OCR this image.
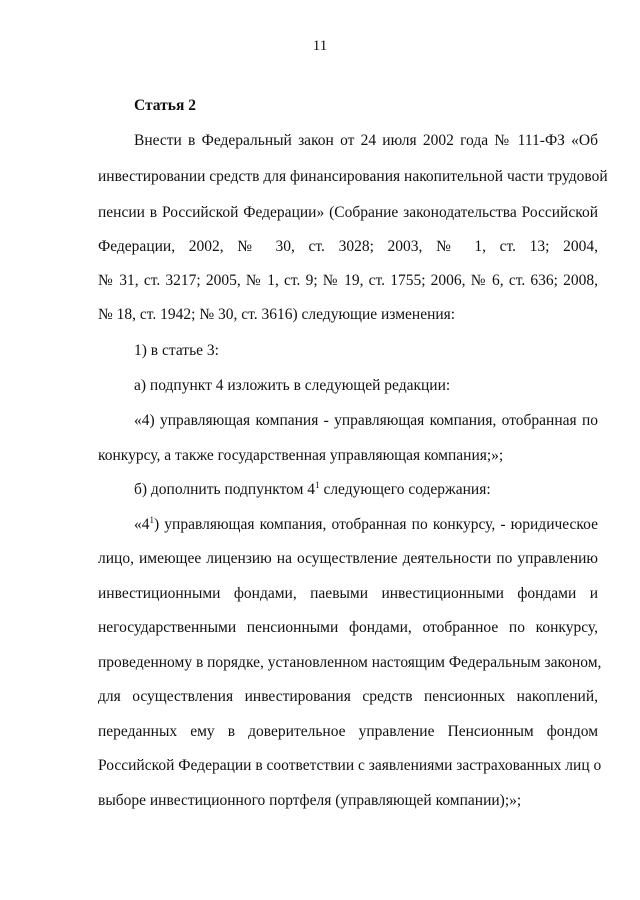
11
Статья 2
Внести в Федеральный закон от 24 июля 2002 года № 111-ФЗ «Об
инвестировании средств для финансирования накопительной части трудовой
пенсии в Российской Федерации» (Собрание законодательства Российской
Федерации, 2002, № 30, ст. 3028; 2003, № 1, ст. 13; 2004,
№ 31, ст. 3217; 2005, № 1, ст. 9; № 19, ст. 1755; 2006, № 6, ст. 636; 2008,
№ 18, ст. 1942; № 30, ст. 3616) следующие изменения:
1) в статье 3:
а) подпункт 4 изложить в следующей редакции:
«4) управляющая компания - управляющая компания, отобранная по
конкурсу, а также государственная управляющая компания;»;
б) дополнить подпунктом $4^1$ следующего содержания:
«$4^1$) управляющая компания, отобранная по конкурсу, - юридическое
лицо, имеющее лицензию на осуществление деятельности по управлению
инвестиционными фондами, паевыми инвестиционными фондами и
негосударственными пенсионными фондами, отобранное по конкурсу,
проведенному в порядке, установленном настоящим Федеральным законом,
для осуществления инвестирования средств пенсионных накоплений,
переданных ему в доверительное управление Пенсионным фондом
Российской Федерации в соответствии с заявлениями застрахованных лиц о
выборе инвестиционного портфеля (управляющей компании);»;
